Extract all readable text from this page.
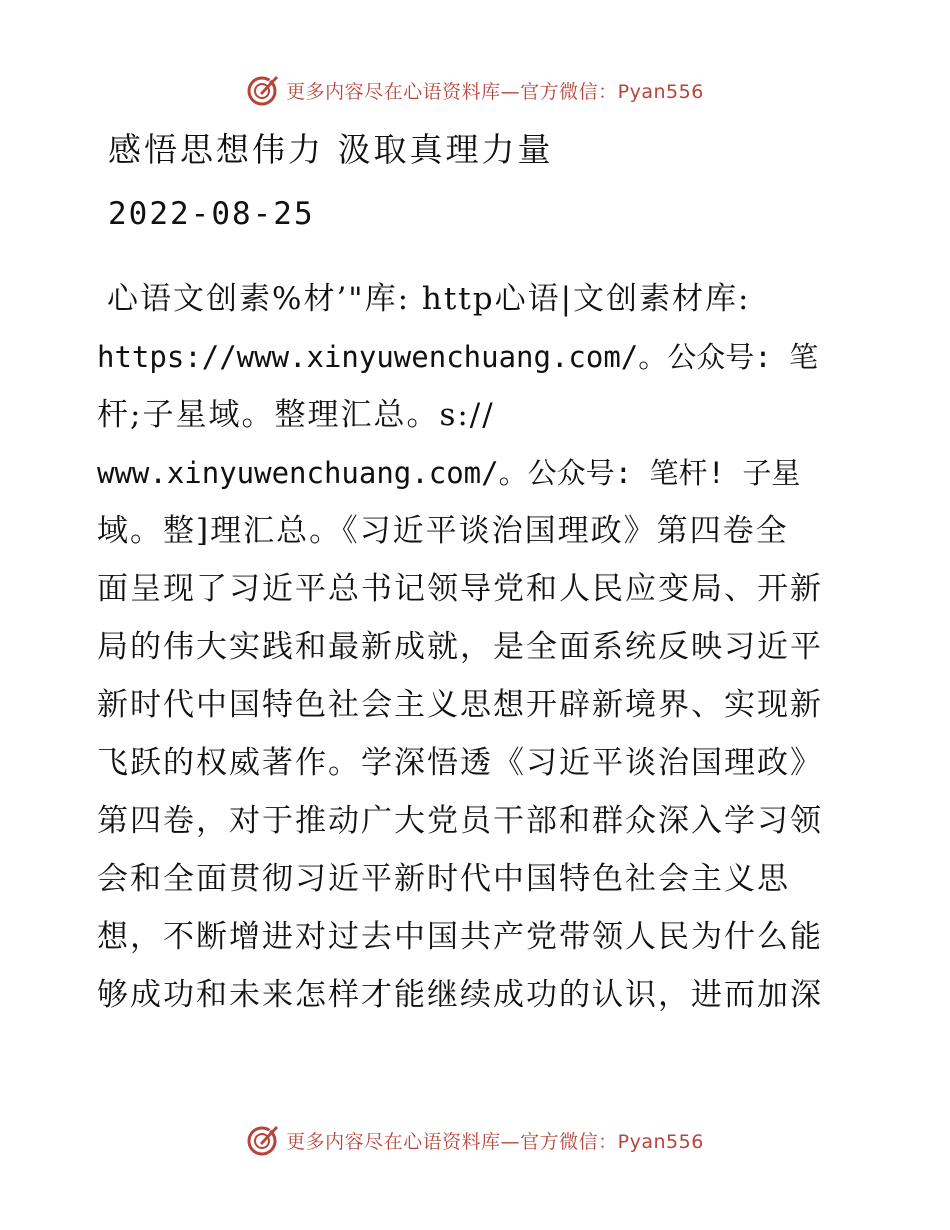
更多内容尽在心语资料库—官方微信：Pyan556
感悟思想伟力 汲取真理力量

2022-08-25

心语文创素%材’"库: http心语|文创素材库:
https://www.xinyuwenchuang.com/。公众号: 笔
杆;子星域。整理汇总。s://
www.xinyuwenchuang.com/。公众号: 笔杆! 子星
域。整]理汇总。《习近平谈治国理政》第四卷全
面呈现了习近平总书记领导党和人民应变局、开新
局的伟大实践和最新成就，是全面系统反映习近平
新时代中国特色社会主义思想开辟新境界、实现新
飞跃的权威著作。学深悟透《习近平谈治国理政》
第四卷，对于推动广大党员干部和群众深入学习领
会和全面贯彻习近平新时代中国特色社会主义思
想，不断增进对过去中国共产党带领人民为什么能
够成功和未来怎样才能继续成功的认识，进而加深
更多内容尽在心语资料库—官方微信：Pyan556
